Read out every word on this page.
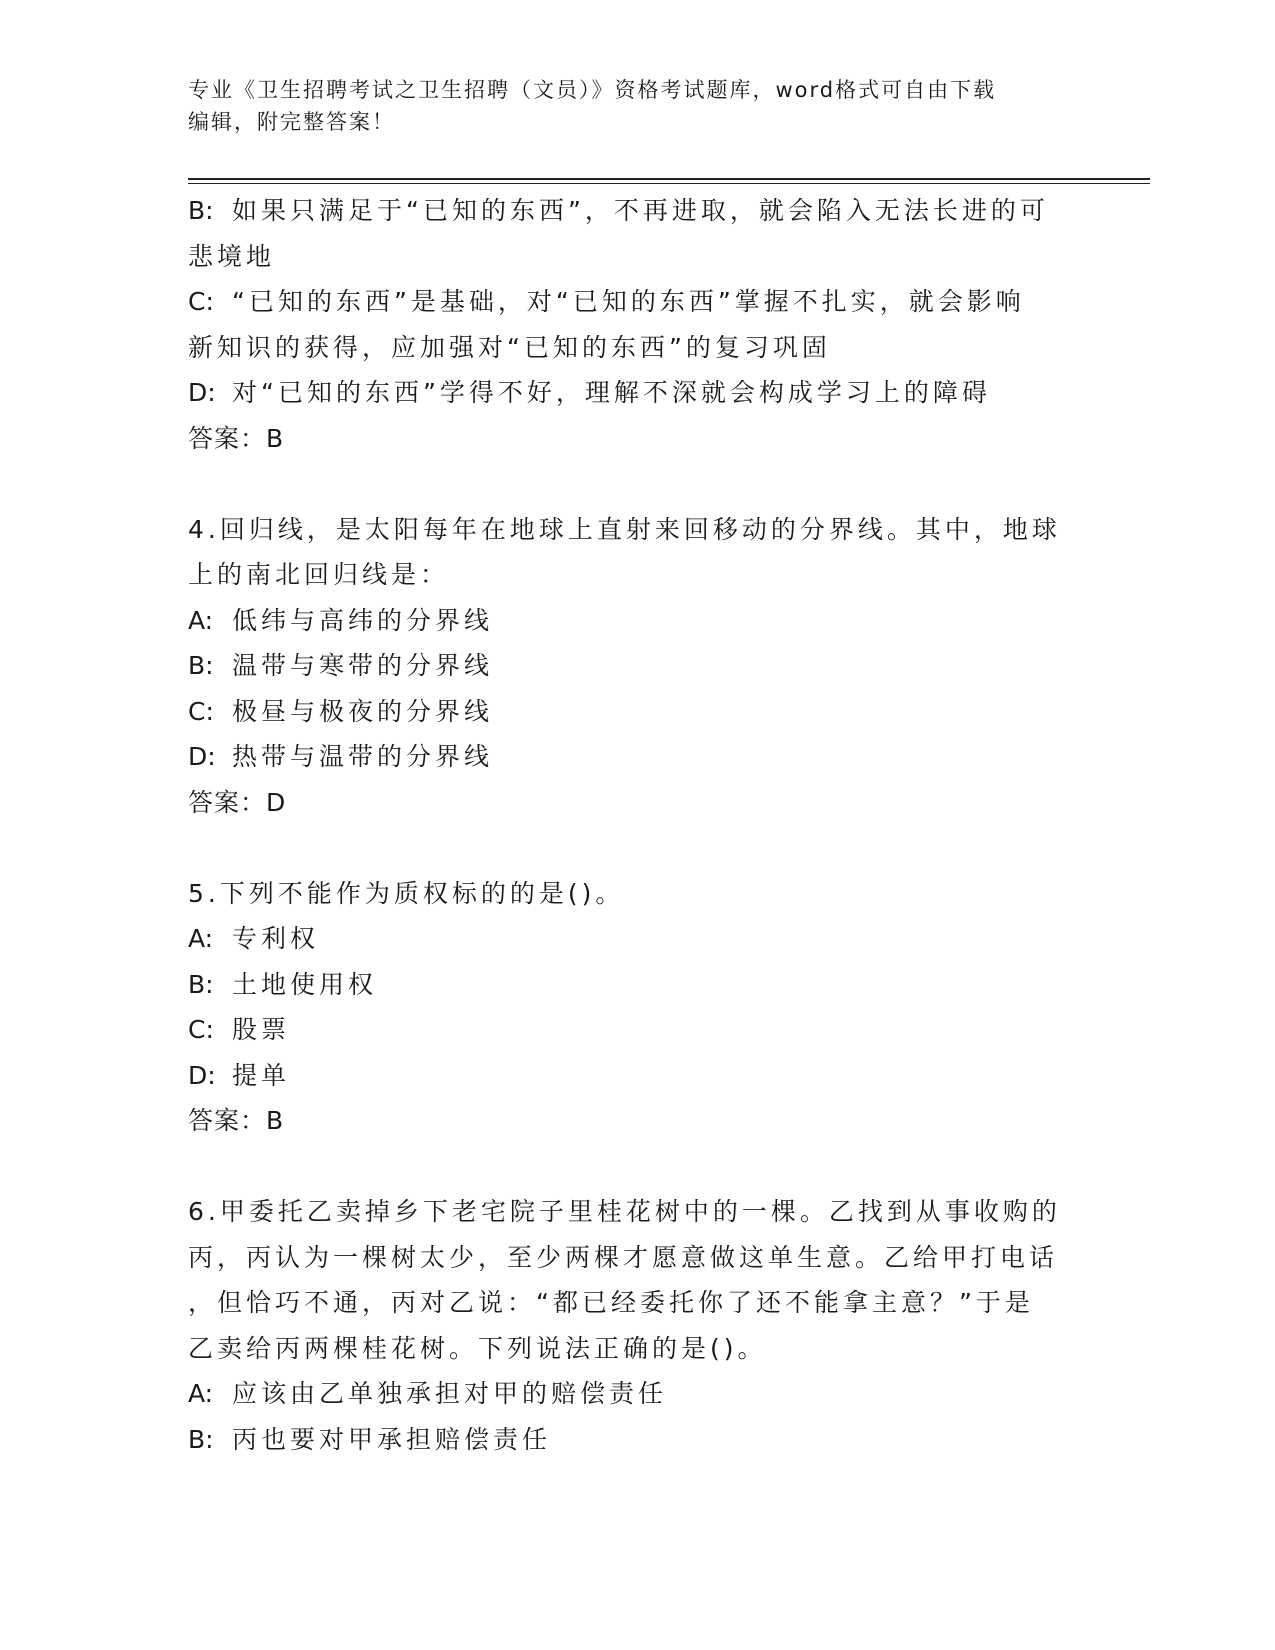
专业《卫生招聘考试之卫生招聘（文员）》资格考试题库，word格式可自由下载
编辑，附完整答案！
B: 如果只满足于“已知的东西”，不再进取，就会陷入无法长进的可
悲境地
C: “已知的东西”是基础，对“已知的东西”掌握不扎实，就会影响
新知识的获得，应加强对“已知的东西”的复习巩固
D: 对“已知的东西”学得不好，理解不深就会构成学习上的障碍
答案：B
4.回归线，是太阳每年在地球上直射来回移动的分界线。其中，地球
上的南北回归线是：
A: 低纬与高纬的分界线
B: 温带与寒带的分界线
C: 极昼与极夜的分界线
D: 热带与温带的分界线
答案：D
5.下列不能作为质权标的的是()。
A: 专利权
B: 土地使用权
C: 股票
D: 提单
答案：B
6.甲委托乙卖掉乡下老宅院子里桂花树中的一棵。乙找到从事收购的
丙，丙认为一棵树太少，至少两棵才愿意做这单生意。乙给甲打电话
，但恰巧不通，丙对乙说：“都已经委托你了还不能拿主意？”于是
乙卖给丙两棵桂花树。下列说法正确的是()。
A: 应该由乙单独承担对甲的赔偿责任
B: 丙也要对甲承担赔偿责任
